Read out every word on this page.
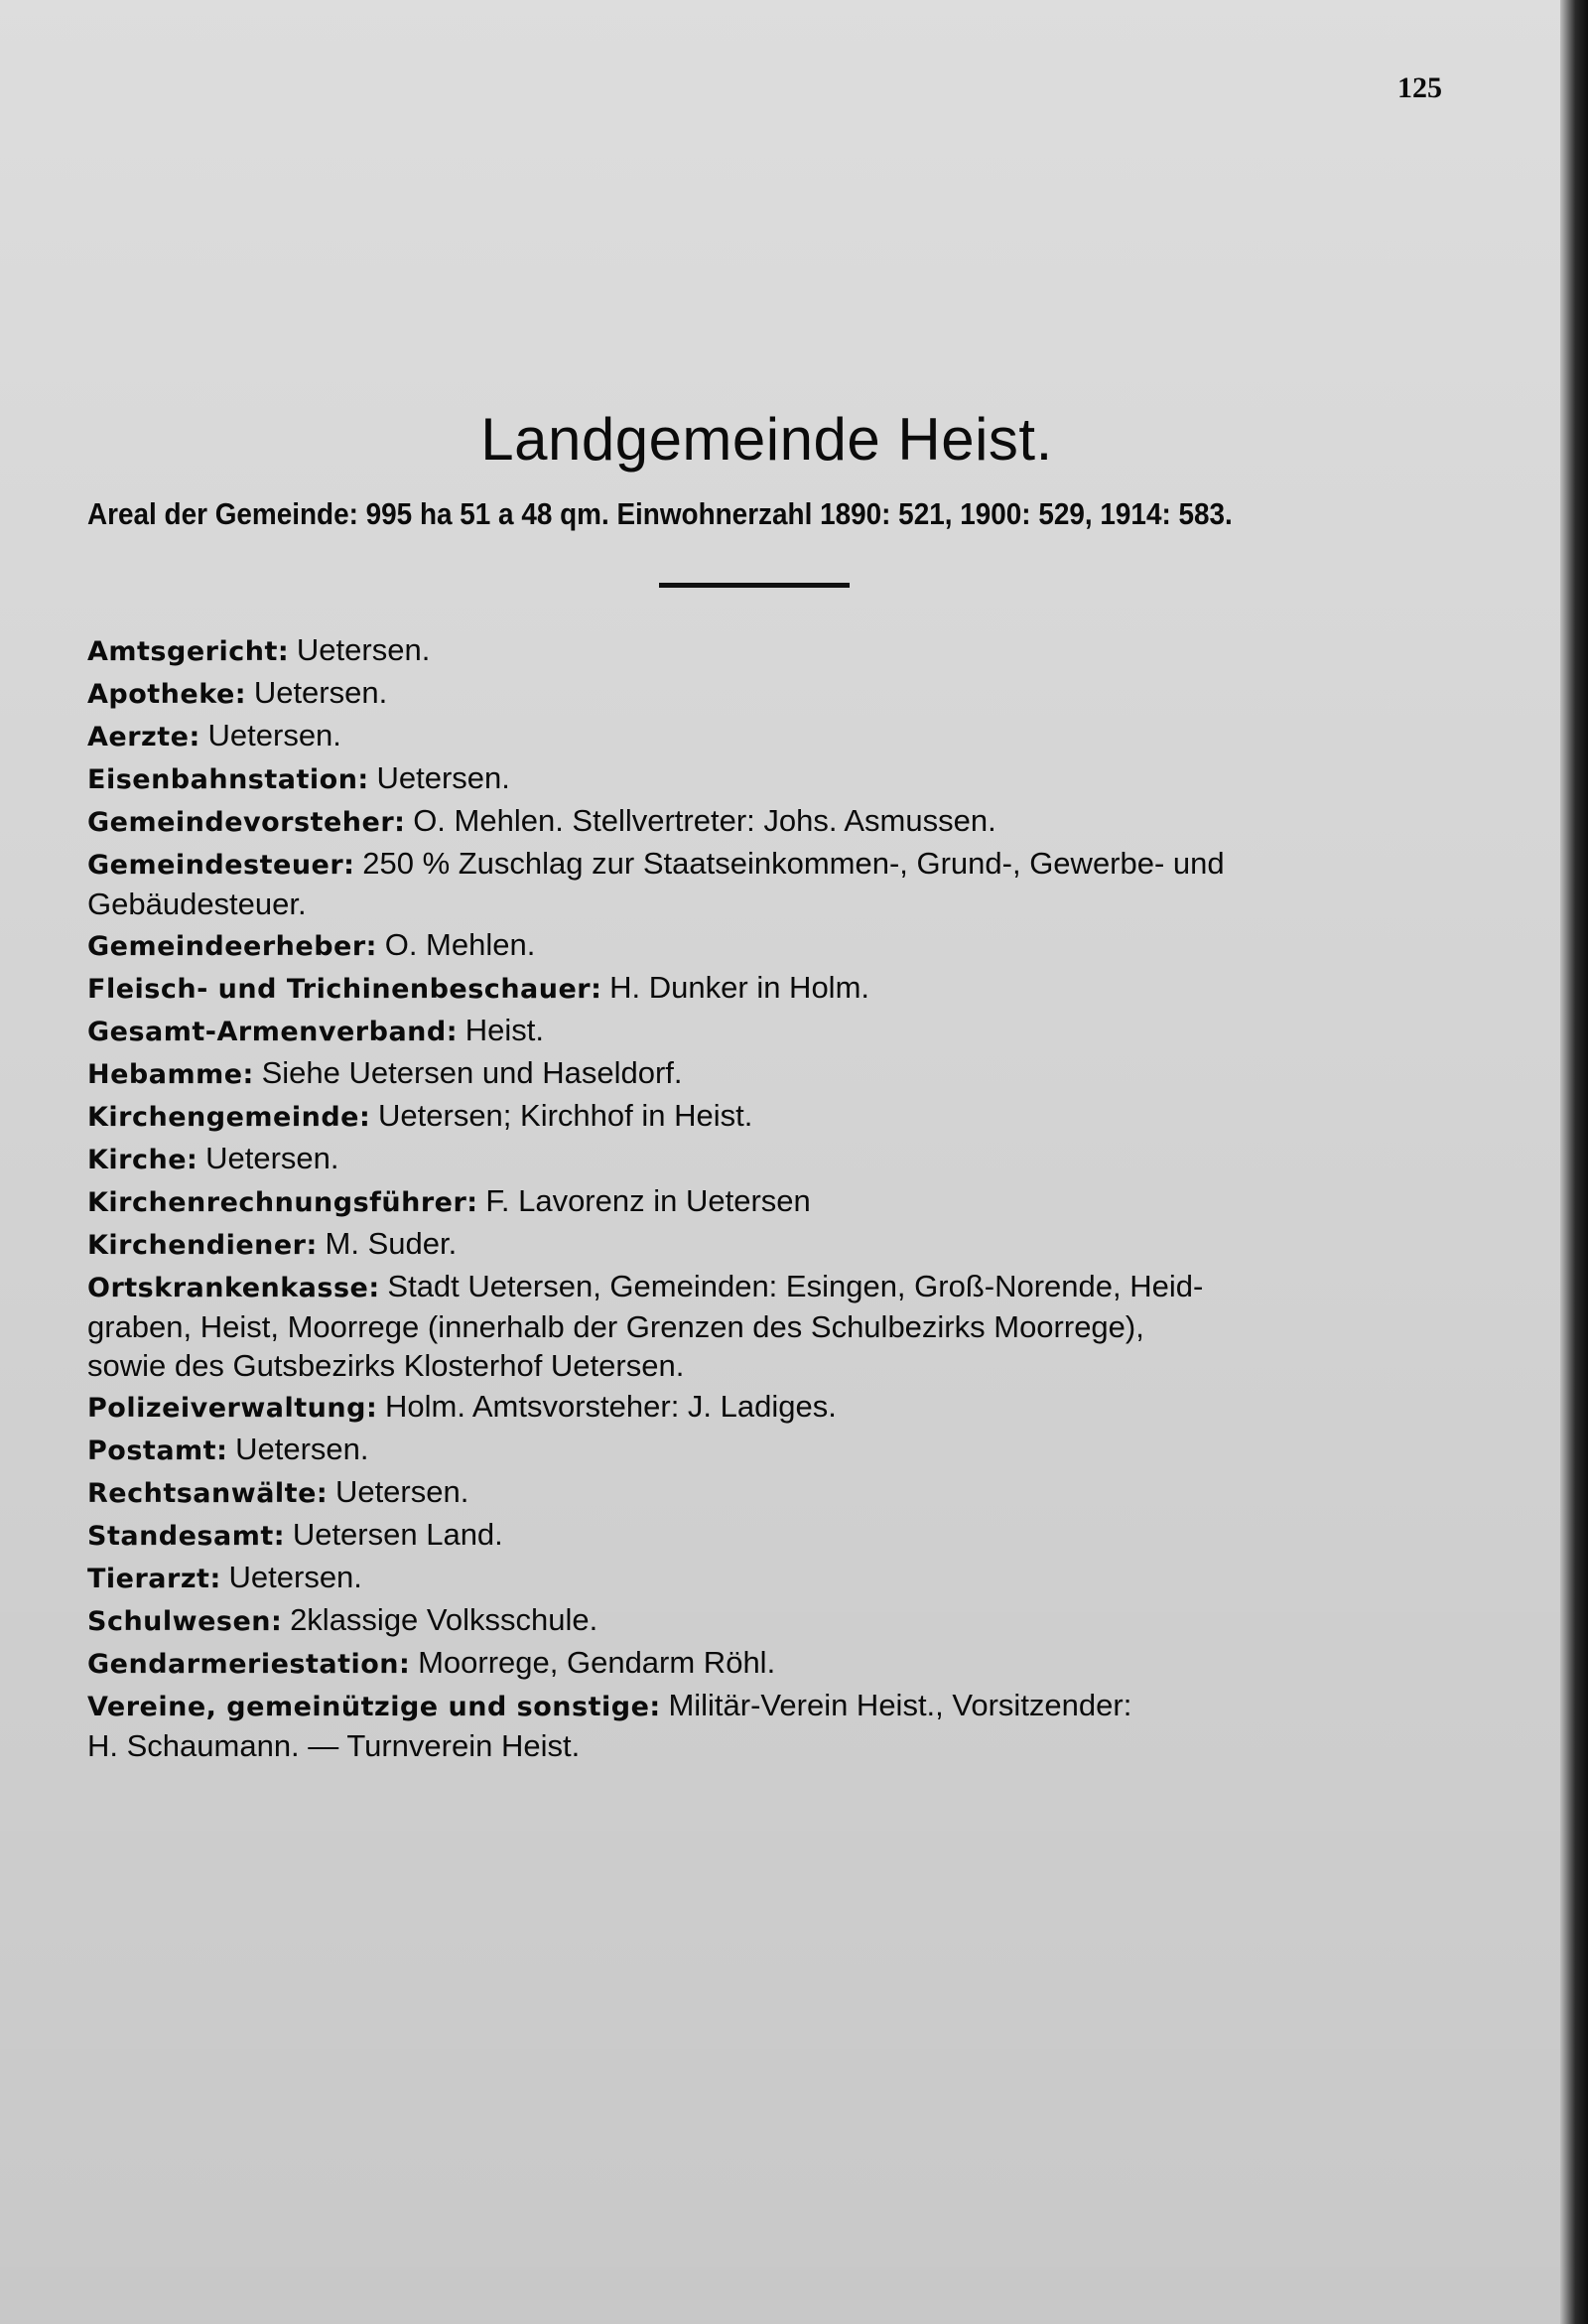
125
Landgemeinde Heist.
Areal der Gemeinde: 995 ha 51 a 48 qm. Einwohnerzahl 1890: 521, 1900: 529, 1914: 583.

Amtsgericht: Uetersen.

Apotheke: Uetersen.

Aerzte: Uetersen.

Eisenbahnstation: Uetersen.

Gemeindevorsteher: O. Mehlen. Stellvertreter: Johs. Asmussen.

Gemeindesteuer: 250 % Zuschlag zur Staatseinkommen-, Grund-, Gewerbe- und
Gebäudesteuer.

Gemeindeerheber: O. Mehlen.

Fleisch- und Trichinenbeschauer: H. Dunker in Holm.

Gesamt-Armenverband: Heist.

Hebamme: Siehe Uetersen und Haseldorf.

Kirchengemeinde: Uetersen; Kirchhof in Heist.

Kirche: Uetersen.

Kirchenrechnungsführer: F. Lavorenz in Uetersen

Kirchendiener: M. Suder.

Ortskrankenkasse: Stadt Uetersen, Gemeinden: Esingen, Groß-Norende, Heid-
graben, Heist, Moorrege (innerhalb der Grenzen des Schulbezirks Moorrege),
sowie des Gutsbezirks Klosterhof Uetersen.

Polizeiverwaltung: Holm. Amtsvorsteher: J. Ladiges.

Postamt: Uetersen.

Rechtsanwälte: Uetersen.

Standesamt: Uetersen Land.

Tierarzt: Uetersen.

Schulwesen: 2klassige Volksschule.

Gendarmeriestation: Moorrege, Gendarm Röhl.

Vereine, gemeinützige und sonstige: Militär-Verein Heist., Vorsitzender:
H. Schaumann. — Turnverein Heist.
